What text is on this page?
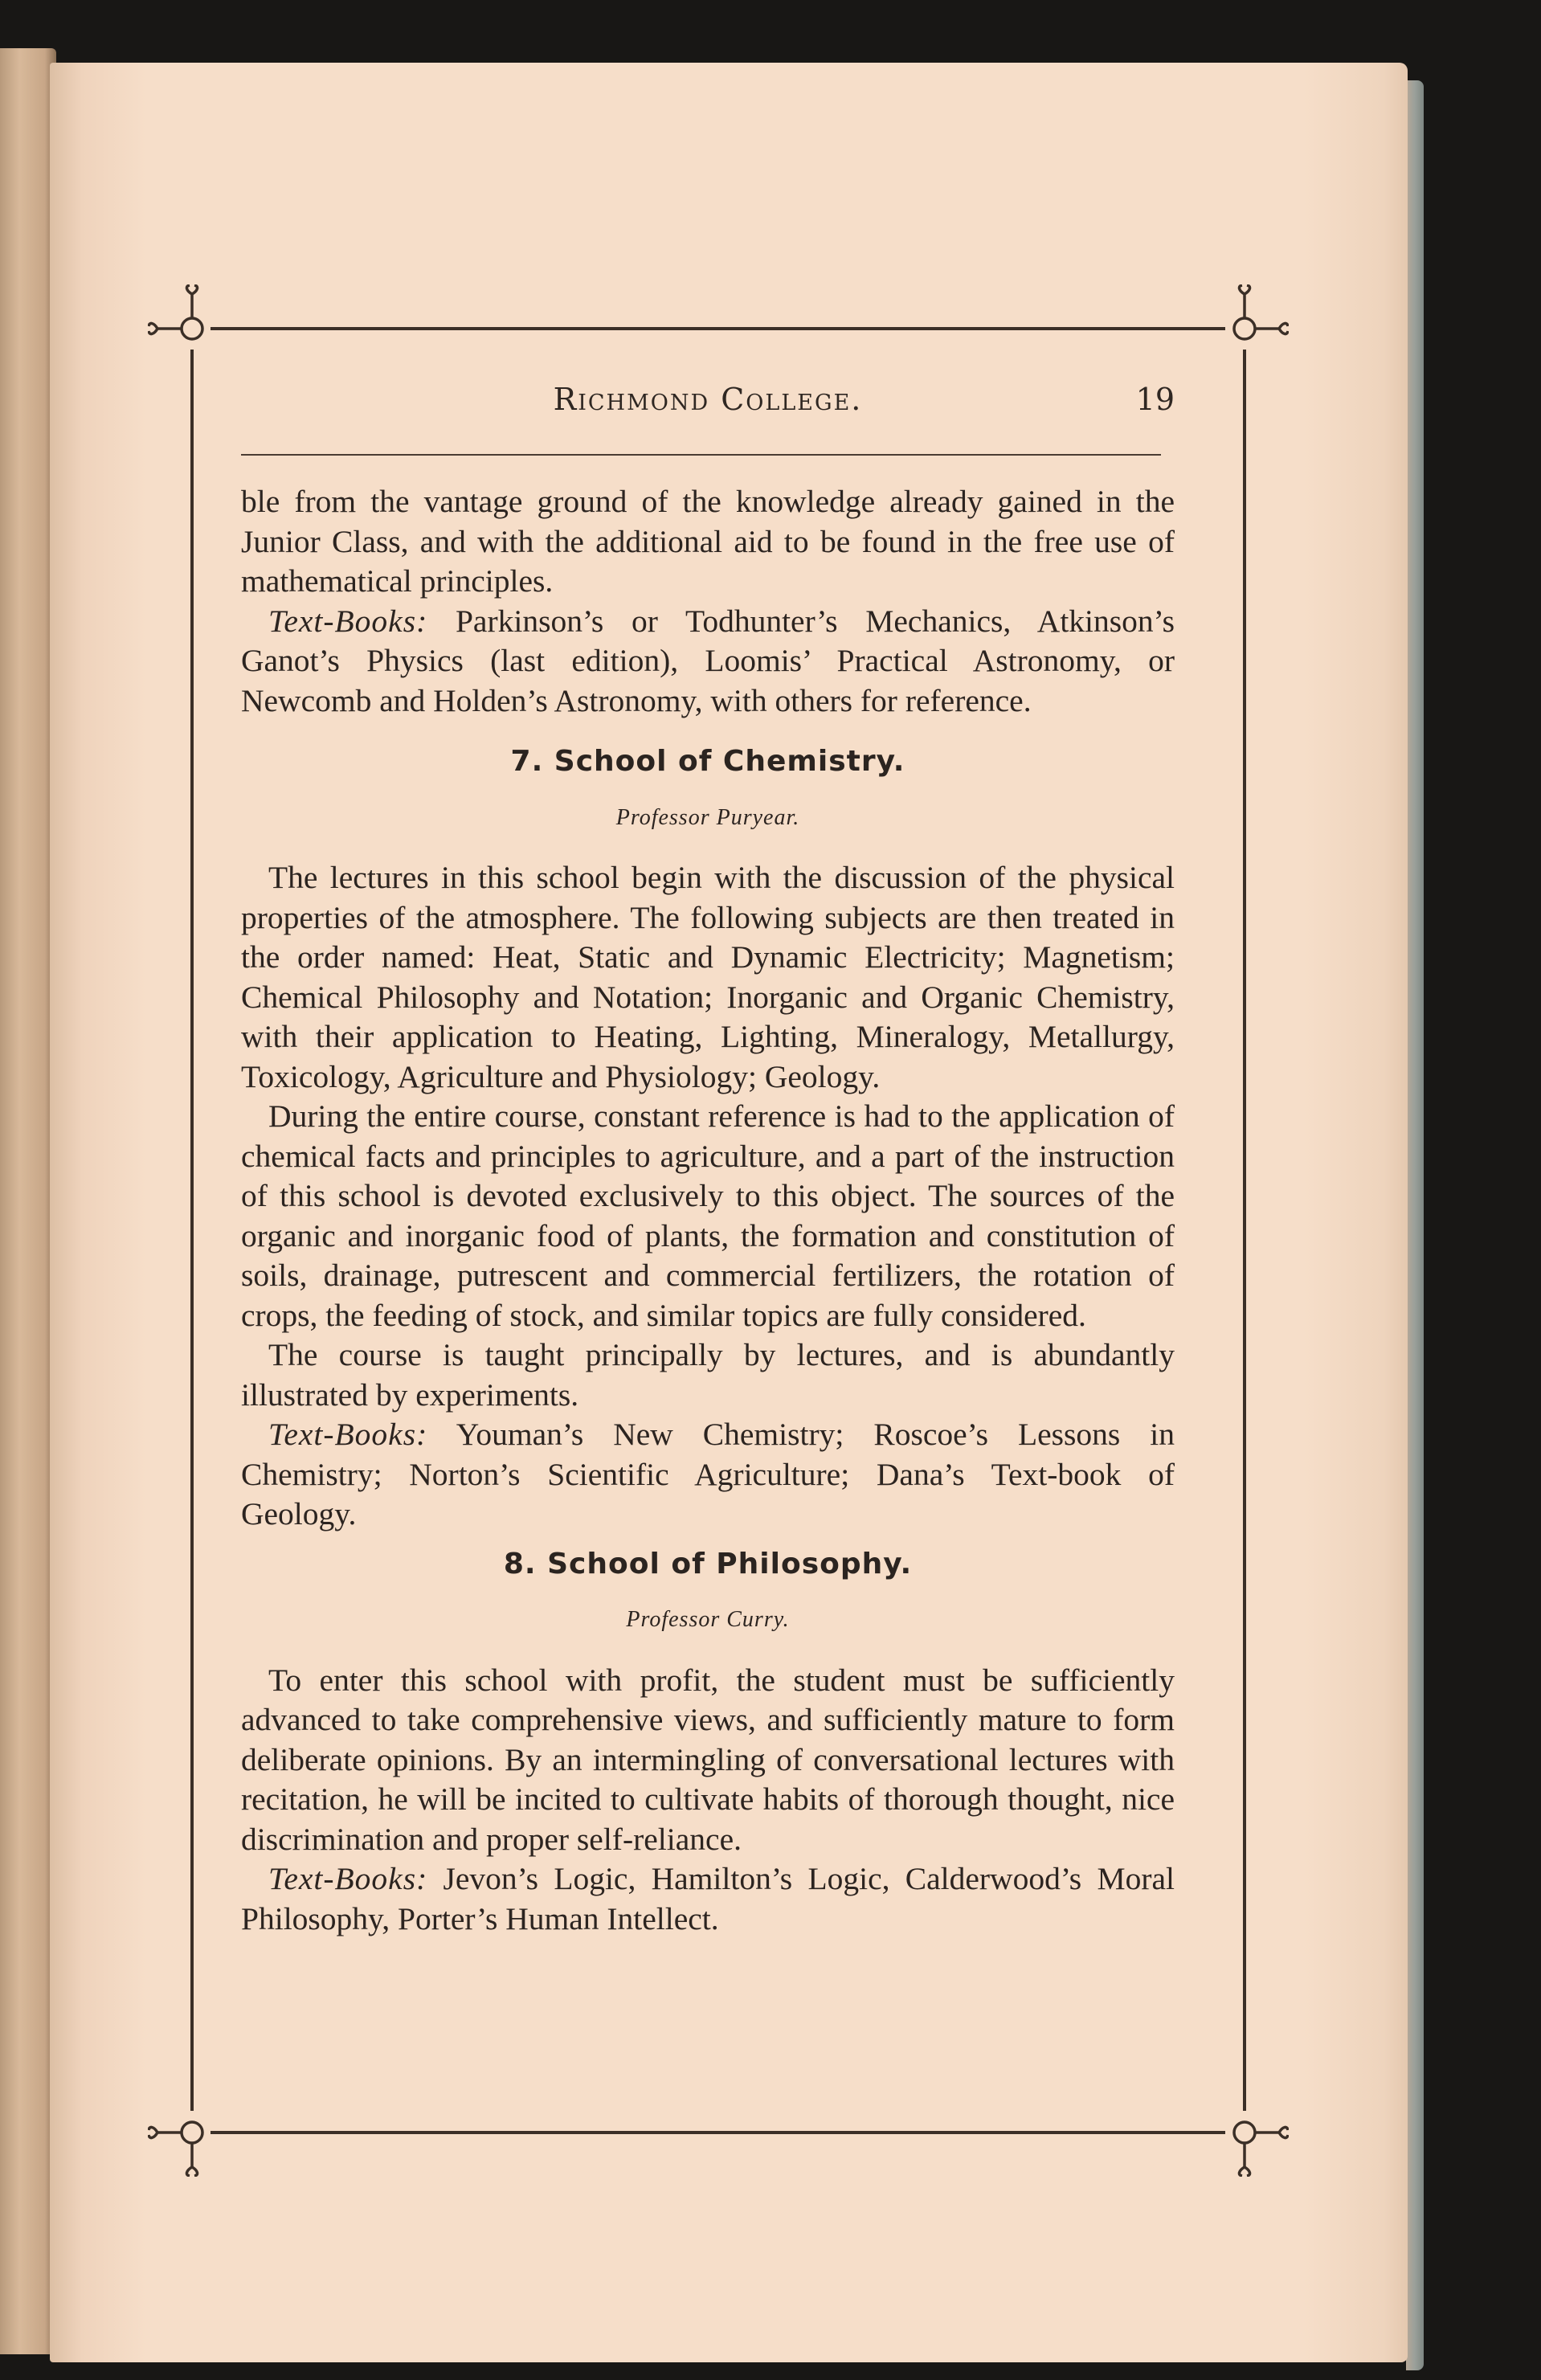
Richmond College.	19

ble from the vantage ground of the knowledge already gained in the Junior Class, and with the additional aid to be found in the free use of mathematical principles.

Text-Books: Parkinson’s or Todhunter’s Mechanics, Atkinson’s Ganot’s Physics (last edition), Loomis’ Practical Astronomy, or Newcomb and Holden’s Astronomy, with others for reference.

7. School of Chemistry.
Professor Puryear.

The lectures in this school begin with the discussion of the physical properties of the atmosphere. The following subjects are then treated in the order named: Heat, Static and Dynamic Electricity; Magnetism; Chemical Philosophy and Notation; Inorganic and Organic Chemistry, with their application to Heating, Lighting, Mineralogy, Metallurgy, Toxicology, Agriculture and Physiology; Geology.

During the entire course, constant reference is had to the application of chemical facts and principles to agriculture, and a part of the instruction of this school is devoted exclusively to this object. The sources of the organic and inorganic food of plants, the formation and constitution of soils, drainage, putrescent and commercial fertilizers, the rotation of crops, the feeding of stock, and similar topics are fully considered.

The course is taught principally by lectures, and is abundantly illustrated by experiments.

Text-Books: Youman’s New Chemistry; Roscoe’s Lessons in Chemistry; Norton’s Scientific Agriculture; Dana’s Text-book of Geology.

8. School of Philosophy.
Professor Curry.

To enter this school with profit, the student must be sufficiently advanced to take comprehensive views, and sufficiently mature to form deliberate opinions. By an intermingling of conversational lectures with recitation, he will be incited to cultivate habits of thorough thought, nice discrimination and proper self-reliance.

Text-Books: Jevon’s Logic, Hamilton’s Logic, Calderwood’s Moral Philosophy, Porter’s Human Intellect.
